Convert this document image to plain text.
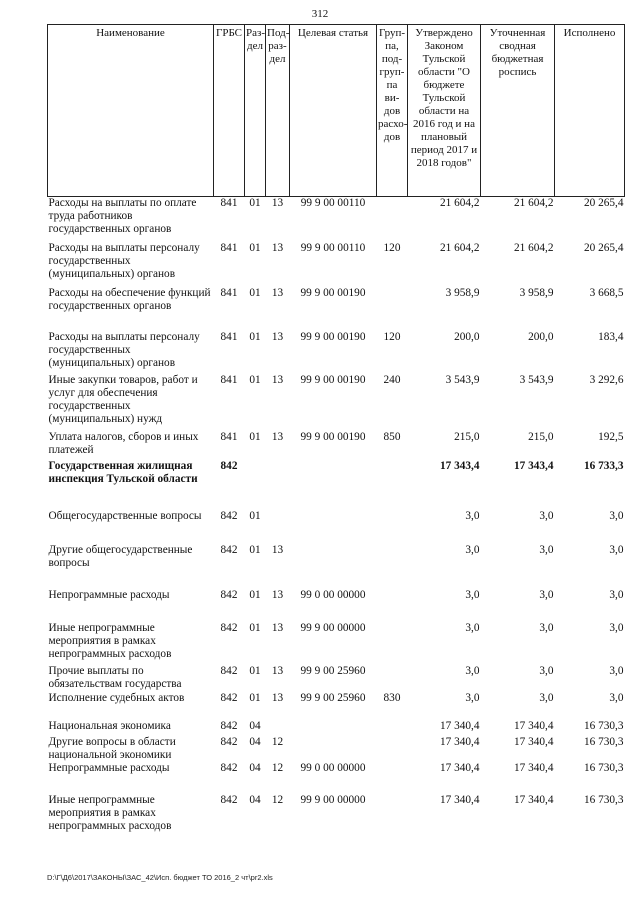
312
Наименование	ГРБС	Раз-дел	Под-раз-дел	Целевая статья	Груп-па, под-груп-па ви-дов расхо-дов	Утверждено Законом Тульской области "О бюджете Тульской области на 2016 год и на плановый период 2017 и 2018 годов"	Уточненная сводная бюджетная роспись	Исполнено
Расходы на выплаты по оплате труда работников государственных органов	841	01	13	99 9 00 00110		21 604,2	21 604,2	20 265,4
Расходы на выплаты персоналу государственных (муниципальных) органов	841	01	13	99 9 00 00110	120	21 604,2	21 604,2	20 265,4
Расходы на обеспечение функций государственных органов	841	01	13	99 9 00 00190		3 958,9	3 958,9	3 668,5
Расходы на выплаты персоналу государственных (муниципальных) органов	841	01	13	99 9 00 00190	120	200,0	200,0	183,4
Иные закупки товаров, работ и услуг для обеспечения государственных (муниципальных) нужд	841	01	13	99 9 00 00190	240	3 543,9	3 543,9	3 292,6
Уплата налогов, сборов и иных платежей	841	01	13	99 9 00 00190	850	215,0	215,0	192,5
Государственная жилищная инспекция Тульской области	842					17 343,4	17 343,4	16 733,3
Общегосударственные вопросы	842	01				3,0	3,0	3,0
Другие общегосударственные вопросы	842	01	13			3,0	3,0	3,0
Непрограммные расходы	842	01	13	99 0 00 00000		3,0	3,0	3,0
Иные непрограммные мероприятия в рамках непрограммных расходов	842	01	13	99 9 00 00000		3,0	3,0	3,0
Прочие выплаты по обязательствам государства	842	01	13	99 9 00 25960		3,0	3,0	3,0
Исполнение судебных актов	842	01	13	99 9 00 25960	830	3,0	3,0	3,0
Национальная экономика	842	04				17 340,4	17 340,4	16 730,3
Другие вопросы в области национальной экономики	842	04	12			17 340,4	17 340,4	16 730,3
Непрограммные расходы	842	04	12	99 0 00 00000		17 340,4	17 340,4	16 730,3
Иные непрограммные мероприятия в рамках непрограммных расходов	842	04	12	99 9 00 00000		17 340,4	17 340,4	16 730,3
D:\Г\Д6\2017\ЗАКОНЫ\ЗАС_42\Исп. бюджет ТО 2016_2 чт\pr2.xls
